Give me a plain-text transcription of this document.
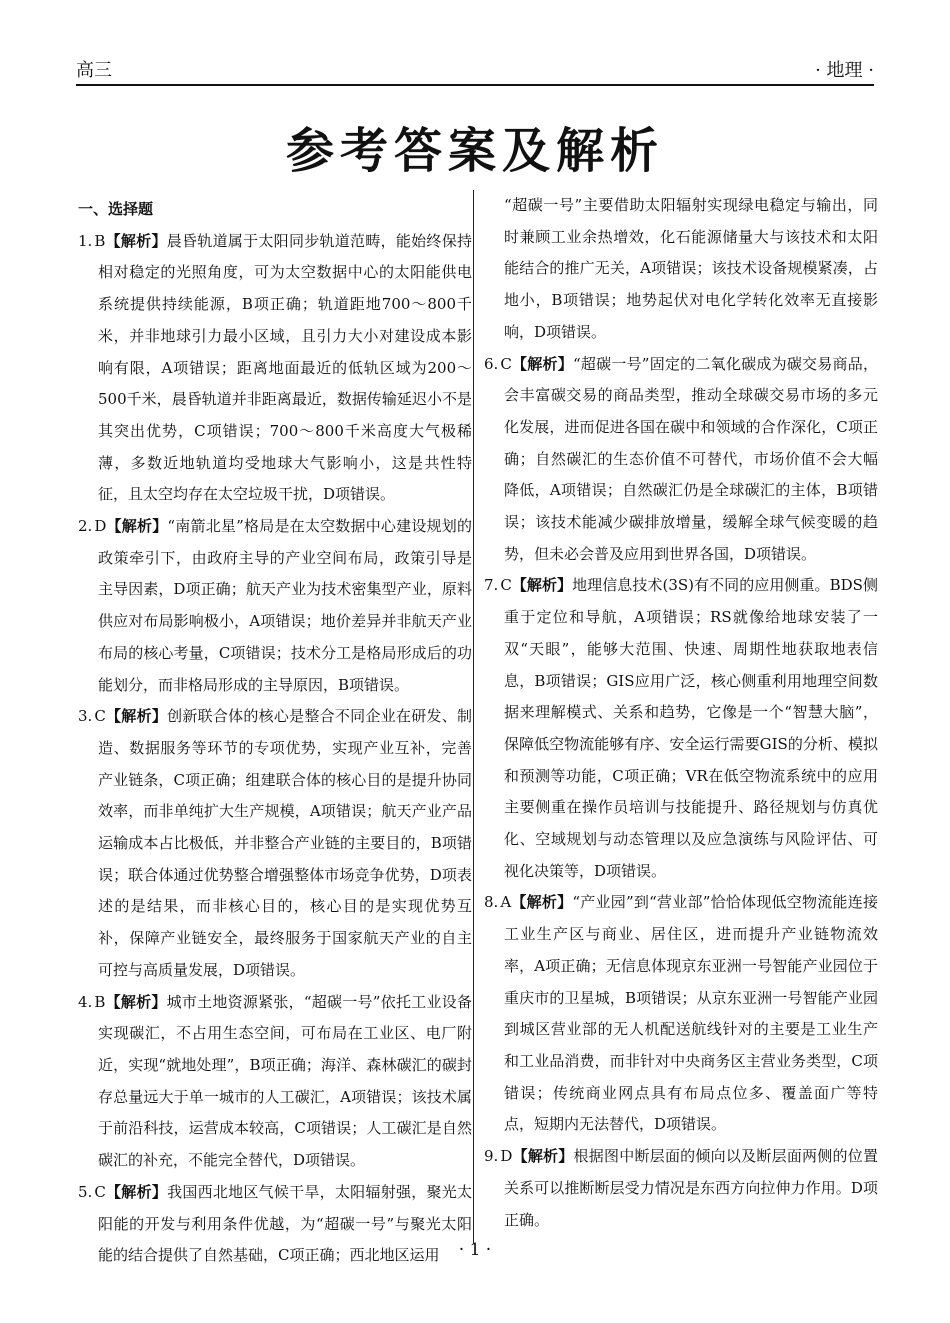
高三	· 地理 ·
参考答案及解析

一、选择题

1. B【解析】晨昏轨道属于太阳同步轨道范畴，能始终保持相对稳定的光照角度，可为太空数据中心的太阳能供电系统提供持续能源，B项正确；轨道距地700～800千米，并非地球引力最小区域，且引力大小对建设成本影响有限，A项错误；距离地面最近的低轨区域为200～500千米，晨昏轨道并非距离最近，数据传输延迟小不是其突出优势，C项错误；700～800千米高度大气极稀薄，多数近地轨道均受地球大气影响小，这是共性特征，且太空均存在太空垃圾干扰，D项错误。

2. D【解析】“南箭北星”格局是在太空数据中心建设规划的政策牵引下，由政府主导的产业空间布局，政策引导是主导因素，D项正确；航天产业为技术密集型产业，原料供应对布局影响极小，A项错误；地价差异并非航天产业布局的核心考量，C项错误；技术分工是格局形成后的功能划分，而非格局形成的主导原因，B项错误。

3. C【解析】创新联合体的核心是整合不同企业在研发、制造、数据服务等环节的专项优势，实现产业互补，完善产业链条，C项正确；组建联合体的核心目的是提升协同效率，而非单纯扩大生产规模，A项错误；航天产业产品运输成本占比极低，并非整合产业链的主要目的，B项错误；联合体通过优势整合增强整体市场竞争优势，D项表述的是结果，而非核心目的，核心目的是实现优势互补，保障产业链安全，最终服务于国家航天产业的自主可控与高质量发展，D项错误。

4. B【解析】城市土地资源紧张，“超碳一号”依托工业设备实现碳汇，不占用生态空间，可布局在工业区、电厂附近，实现“就地处理”，B项正确；海洋、森林碳汇的碳封存总量远大于单一城市的人工碳汇，A项错误；该技术属于前沿科技，运营成本较高，C项错误；人工碳汇是自然碳汇的补充，不能完全替代，D项错误。

5. C【解析】我国西北地区气候干旱，太阳辐射强，聚光太阳能的开发与利用条件优越，为“超碳一号”与聚光太阳能的结合提供了自然基础，C项正确；西北地区运用

“超碳一号”主要借助太阳辐射实现绿电稳定与输出，同时兼顾工业余热增效，化石能源储量大与该技术和太阳能结合的推广无关，A项错误；该技术设备规模紧凑，占地小，B项错误；地势起伏对电化学转化效率无直接影响，D项错误。

6. C【解析】“超碳一号”固定的二氧化碳成为碳交易商品，会丰富碳交易的商品类型，推动全球碳交易市场的多元化发展，进而促进各国在碳中和领域的合作深化，C项正确；自然碳汇的生态价值不可替代，市场价值不会大幅降低，A项错误；自然碳汇仍是全球碳汇的主体，B项错误；该技术能减少碳排放增量，缓解全球气候变暖的趋势，但未必会普及应用到世界各国，D项错误。

7. C【解析】地理信息技术(3S)有不同的应用侧重。BDS侧重于定位和导航，A项错误；RS就像给地球安装了一双“天眼”，能够大范围、快速、周期性地获取地表信息，B项错误；GIS应用广泛，核心侧重利用地理空间数据来理解模式、关系和趋势，它像是一个“智慧大脑”，保障低空物流能够有序、安全运行需要GIS的分析、模拟和预测等功能，C项正确；VR在低空物流系统中的应用主要侧重在操作员培训与技能提升、路径规划与仿真优化、空域规划与动态管理以及应急演练与风险评估、可视化决策等，D项错误。

8. A【解析】“产业园”到“营业部”恰恰体现低空物流能连接工业生产区与商业、居住区，进而提升产业链物流效率，A项正确；无信息体现京东亚洲一号智能产业园位于重庆市的卫星城，B项错误；从京东亚洲一号智能产业园到城区营业部的无人机配送航线针对的主要是工业生产和工业品消费，而非针对中央商务区主营业务类型，C项错误；传统商业网点具有布局点位多、覆盖面广等特点，短期内无法替代，D项错误。

9. D【解析】根据图中断层面的倾向以及断层面两侧的位置关系可以推断断层受力情况是东西方向拉伸力作用。D项正确。

· 1 ·
